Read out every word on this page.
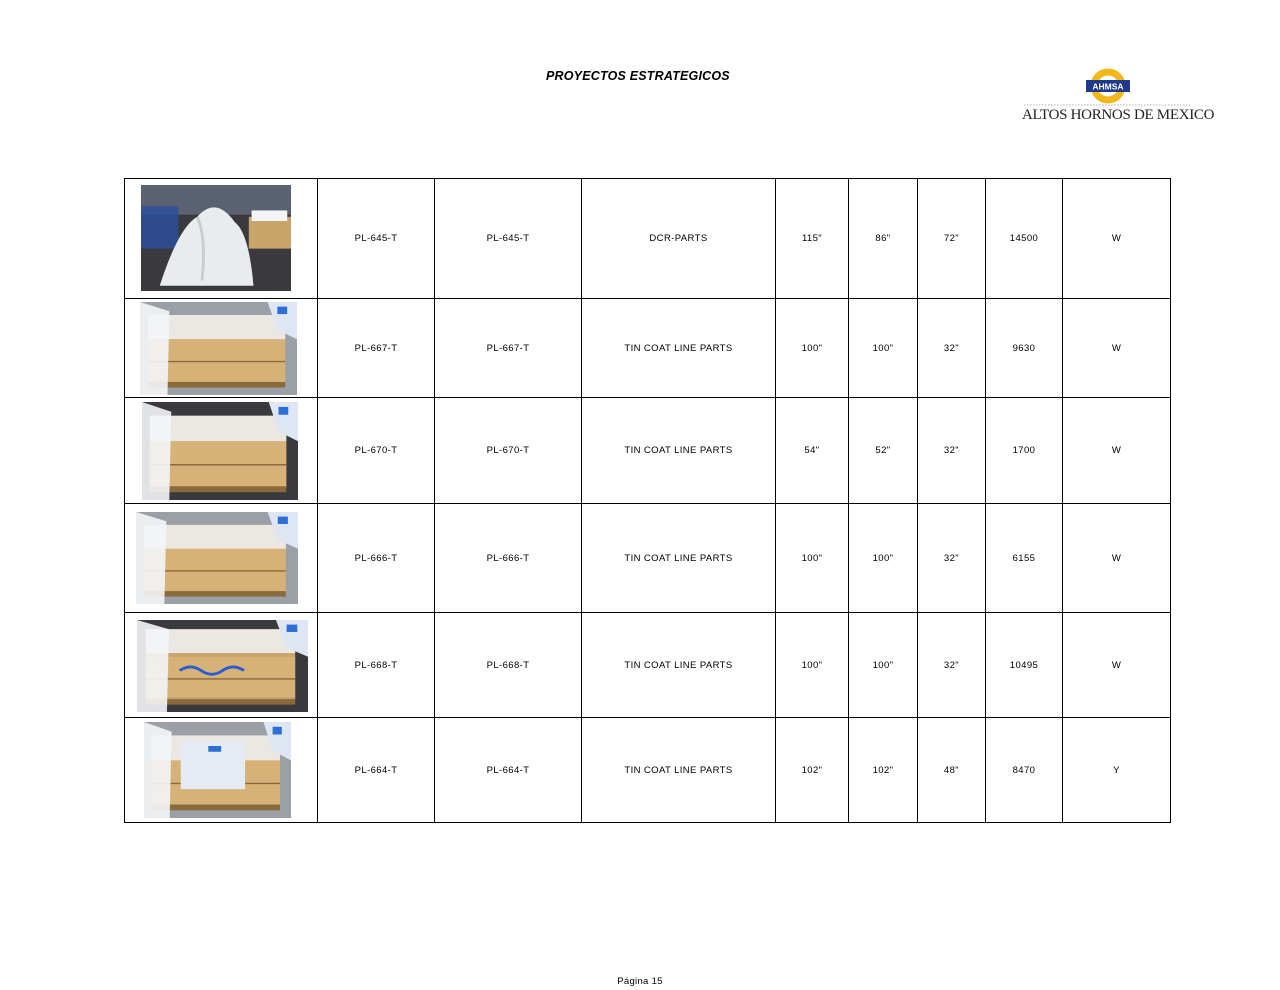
PROYECTOS ESTRATEGICOS
AHMSA
ALTOS HORNOS DE MEXICO
	PL-645-T	PL-645-T	DCR-PARTS	115"	86"	72"	14500	W

	PL-667-T	PL-667-T	TIN COAT LINE PARTS	100"	100"	32"	9630	W

	PL-670-T	PL-670-T	TIN COAT LINE PARTS	54"	52"	32"	1700	W

	PL-666-T	PL-666-T	TIN COAT LINE PARTS	100"	100"	32"	6155	W

	PL-668-T	PL-668-T	TIN COAT LINE PARTS	100"	100"	32"	10495	W

	PL-664-T	PL-664-T	TIN COAT LINE PARTS	102"	102"	48"	8470	Y
Página 15
